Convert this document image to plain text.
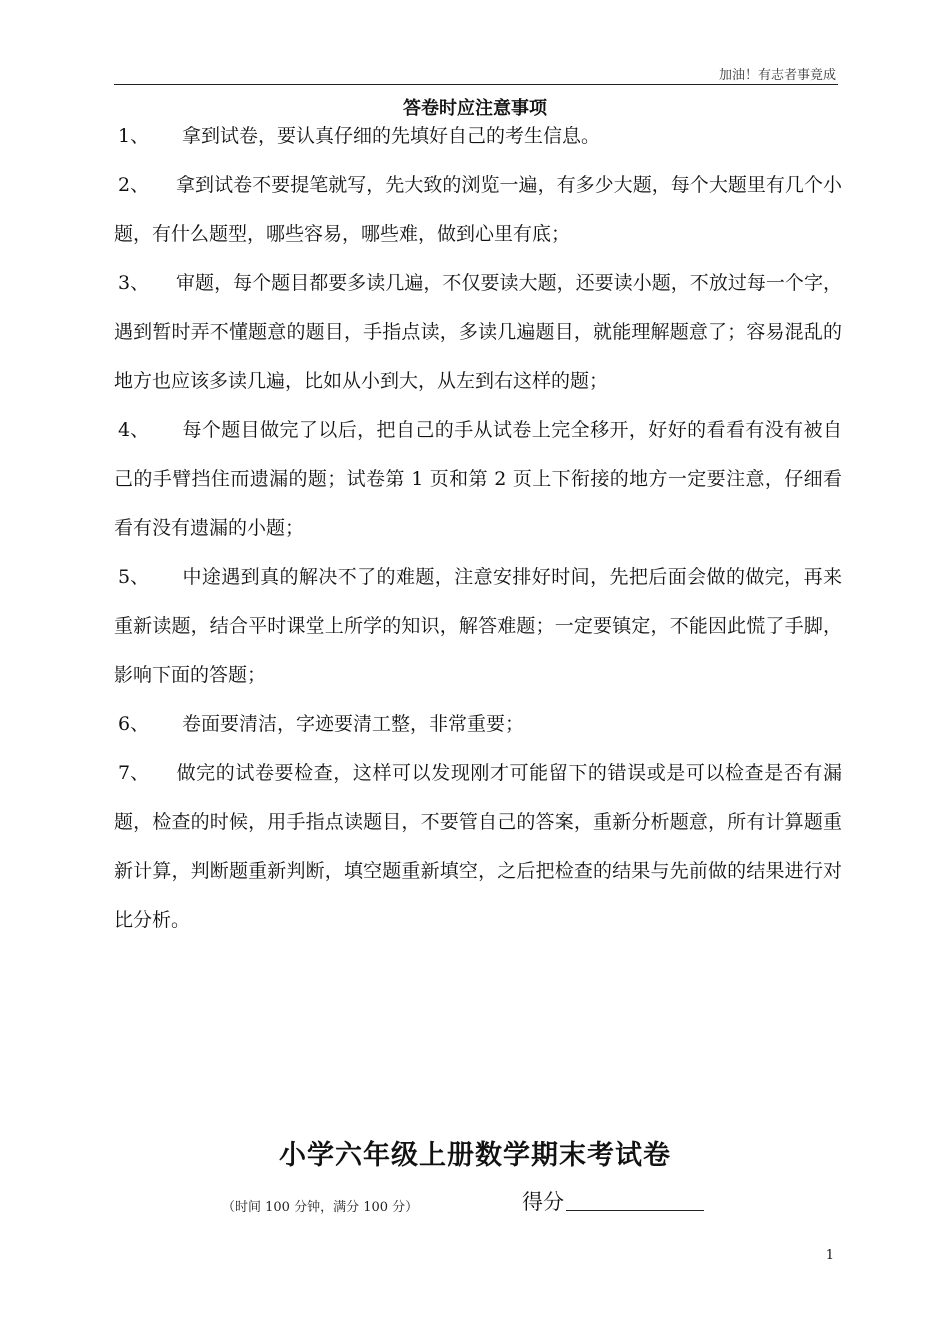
加油！有志者事竟成
答卷时应注意事项

1、 拿到试卷，要认真仔细的先填好自己的考生信息。

2、 拿到试卷不要提笔就写，先大致的浏览一遍，有多少大题，每个大题里有几个小题，有什么题型，哪些容易，哪些难，做到心里有底；

3、 审题，每个题目都要多读几遍，不仅要读大题，还要读小题，不放过每一个字，遇到暂时弄不懂题意的题目，手指点读，多读几遍题目，就能理解题意了；容易混乱的地方也应该多读几遍，比如从小到大，从左到右这样的题；

4、 每个题目做完了以后，把自己的手从试卷上完全移开，好好的看看有没有被自己的手臂挡住而遗漏的题；试卷第 1 页和第 2 页上下衔接的地方一定要注意，仔细看看有没有遗漏的小题；

5、 中途遇到真的解决不了的难题，注意安排好时间，先把后面会做的做完，再来重新读题，结合平时课堂上所学的知识，解答难题；一定要镇定，不能因此慌了手脚，影响下面的答题；

6、 卷面要清洁，字迹要清工整，非常重要；

7、 做完的试卷要检查，这样可以发现刚才可能留下的错误或是可以检查是否有漏题，检查的时候，用手指点读题目，不要管自己的答案，重新分析题意，所有计算题重新计算，判断题重新判断，填空题重新填空，之后把检查的结果与先前做的结果进行对比分析。

小学六年级上册数学期末考试卷
（时间 100 分钟，满分 100 分）	得分
1
